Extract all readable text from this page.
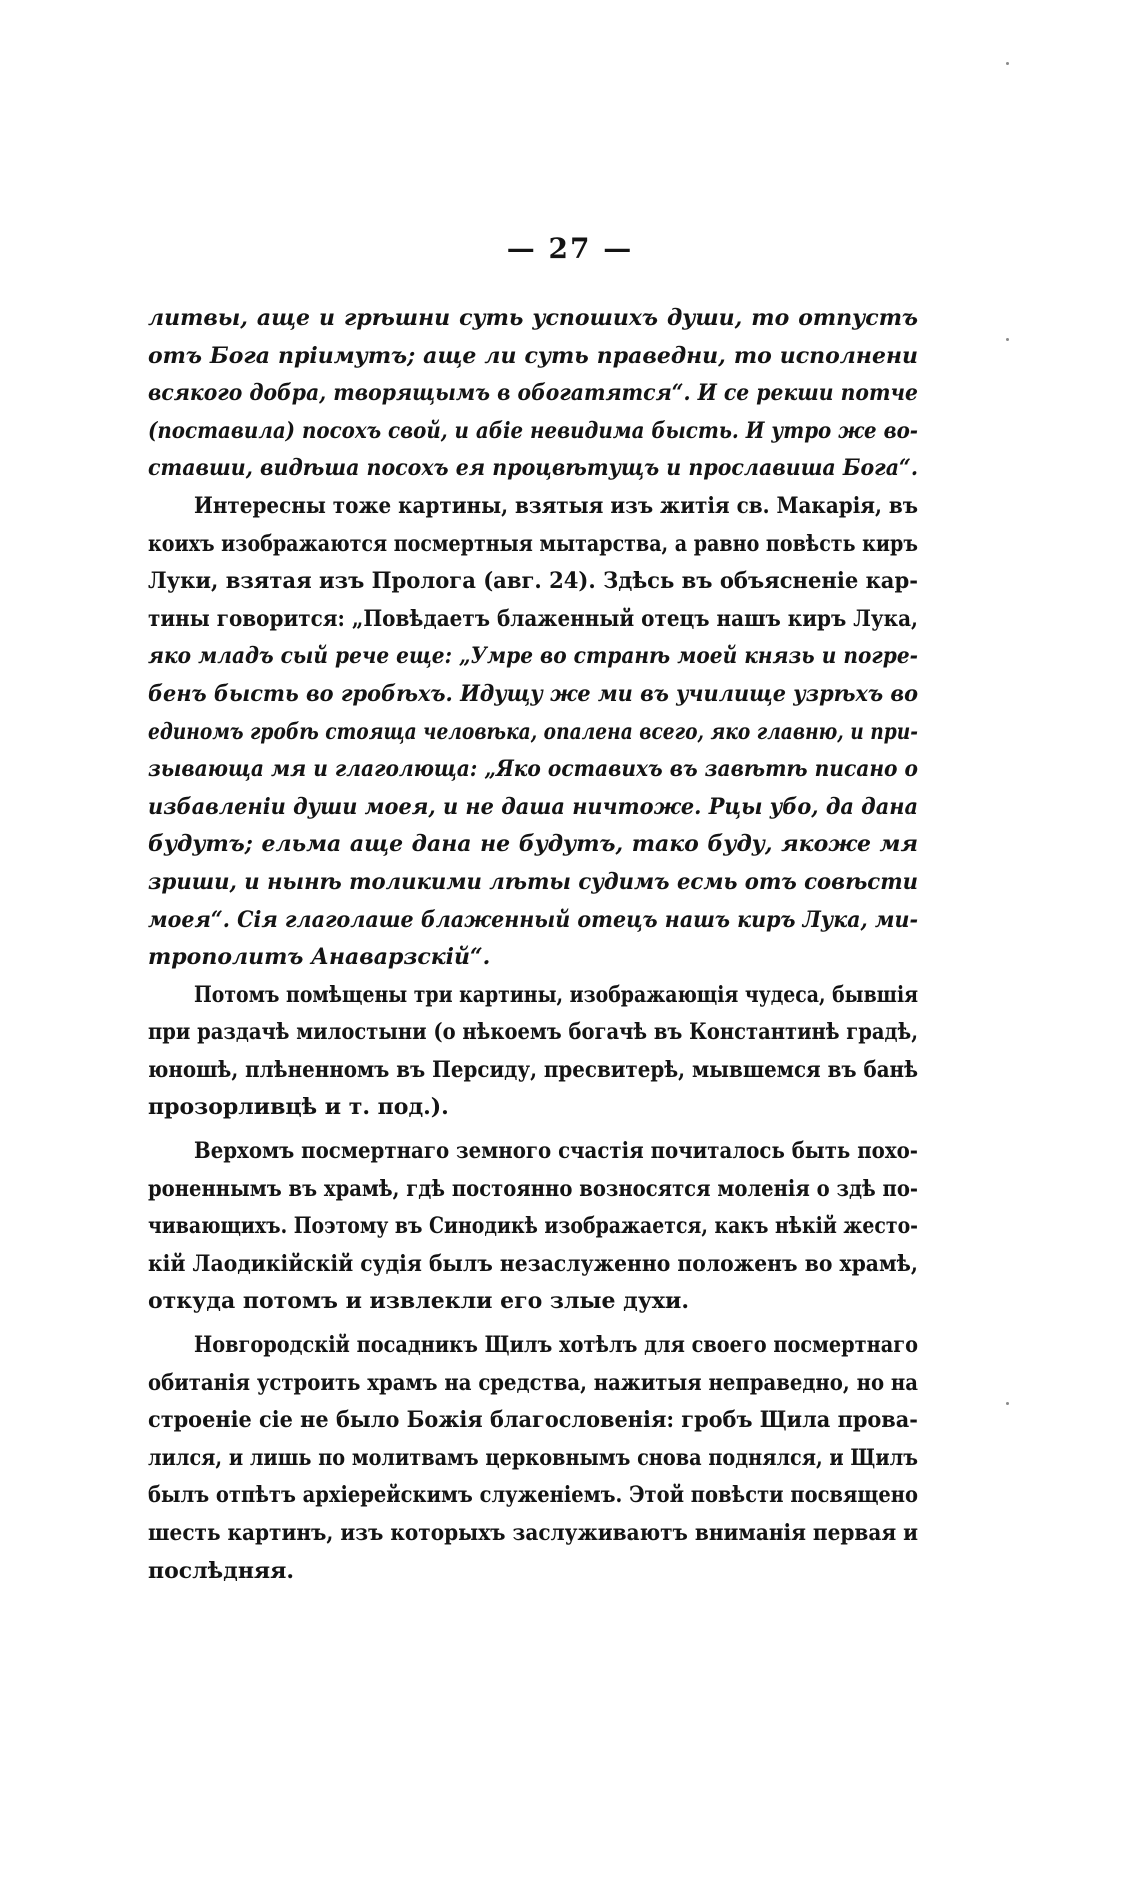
— 27 —
литвы, аще и грѣшни суть успошихъ души, то отпустъ
отъ Бога пріимутъ; аще ли суть праведни, то исполнени
всякого добра, творящымъ в обогатятся“. И се рекши потче
(поставила) посохъ свой, и абіе невидима бысть. И утро же во-
ставши, видѣша посохъ ея процвѣтущъ и прославиша Бога“.
Интересны тоже картины, взятыя изъ житія св. Макарія, въ
коихъ изображаются посмертныя мытарства, а равно повѣсть киръ
Луки, взятая изъ Пролога (авг. 24). Здѣсь въ объясненіе кар-
тины говорится: „Повѣдаетъ блаженный отецъ нашъ киръ Лука,
яко младъ сый рече еще: „Умре во странѣ моей князь и погре-
бенъ бысть во гробѣхъ. Идущу же ми въ училище узрѣхъ во
единомъ гробѣ стояща человѣка, опалена всего, яко главню, и при-
зывающа мя и глаголюща: „Яко оставихъ въ завѣтѣ писано о
избавленіи души моея, и не даша ничтоже. Рцы убо, да дана
будутъ; ельма аще дана не будутъ, тако буду, якоже мя
зриши, и нынѣ толикими лѣты судимъ есмь отъ совѣсти
моея“. Сія глаголаше блаженный отецъ нашъ киръ Лука, ми-
трополитъ Анаварзскій“.
Потомъ помѣщены три картины, изображающія чудеса, бывшія
при раздачѣ милостыни (о нѣкоемъ богачѣ въ Константинѣ градѣ,
юношѣ, плѣненномъ въ Персиду, пресвитерѣ, мывшемся въ банѣ
прозорливцѣ и т. под.).
Верхомъ посмертнаго земного счастія почиталось быть похо-
роненнымъ въ храмѣ, гдѣ постоянно возносятся моленія о здѣ по-
чивающихъ. Поэтому въ Синодикѣ изображается, какъ нѣкій жесто-
кій Лаодикійскій судія былъ незаслуженно положенъ во храмѣ,
откуда потомъ и извлекли его злые духи.
Новгородскій посадникъ Щилъ хотѣлъ для своего посмертнаго
обитанія устроить храмъ на средства, нажитыя неправедно, но на
строеніе сіе не было Божія благословенія: гробъ Щила прова-
лился, и лишь по молитвамъ церковнымъ снова поднялся, и Щилъ
былъ отпѣтъ архіерейскимъ служеніемъ. Этой повѣсти посвящено
шесть картинъ, изъ которыхъ заслуживаютъ вниманія первая и
послѣдняя.
